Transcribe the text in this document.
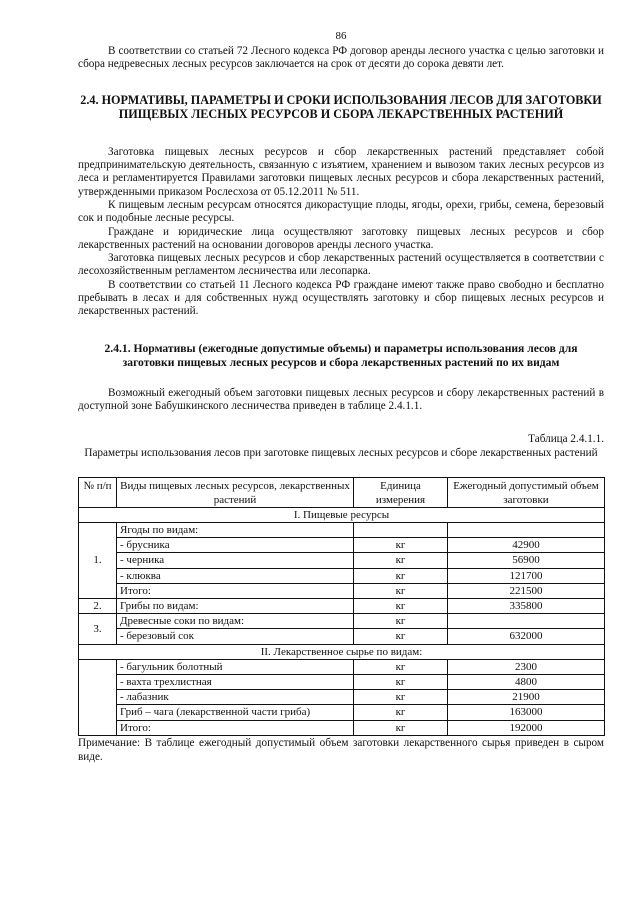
86

В соответствии со статьей 72 Лесного кодекса РФ договор аренды лесного участка с целью заготовки и сбора недревесных лесных ресурсов заключается на срок от десяти до сорока девяти лет.

2.4. НОРМАТИВЫ, ПАРАМЕТРЫ И СРОКИ ИСПОЛЬЗОВАНИЯ ЛЕСОВ ДЛЯ ЗАГОТОВКИ ПИЩЕВЫХ ЛЕСНЫХ РЕСУРСОВ И СБОРА ЛЕКАРСТВЕННЫХ РАСТЕНИЙ

Заготовка пищевых лесных ресурсов и сбор лекарственных растений представляет собой предпринимательскую деятельность, связанную с изъятием, хранением и вывозом таких лесных ресурсов из леса и регламентируется Правилами заготовки пищевых лесных ресурсов и сбора лекарственных растений, утвержденными приказом Рослесхоза от 05.12.2011 № 511.

К пищевым лесным ресурсам относятся дикорастущие плоды, ягоды, орехи, грибы, семена, березовый сок и подобные лесные ресурсы.

Граждане и юридические лица осуществляют заготовку пищевых лесных ресурсов и сбор лекарственных растений на основании договоров аренды лесного участка.

Заготовка пищевых лесных ресурсов и сбор лекарственных растений осуществляется в соответствии с лесохозяйственным регламентом лесничества или лесопарка.

В соответствии со статьей 11 Лесного кодекса РФ граждане имеют также право свободно и бесплатно пребывать в лесах и для собственных нужд осуществлять заготовку и сбор пищевых лесных ресурсов и лекарственных растений.

2.4.1. Нормативы (ежегодные допустимые объемы) и параметры использования лесов для заготовки пищевых лесных ресурсов и сбора лекарственных растений по их видам

Возможный ежегодный объем заготовки пищевых лесных ресурсов и сбору лекарственных растений в доступной зоне Бабушкинского лесничества приведен в таблице 2.4.1.1.

Таблица 2.4.1.1.
Параметры использования лесов при заготовке пищевых лесных ресурсов и сборе лекарственных растений
№ п/п	Виды пищевых лесных ресурсов, лекарственных растений	Единица измерения	Ежегодный допустимый объем заготовки
I. Пищевые ресурсы			
1.	Ягоды по видам:		
	- брусника	кг	42900
	- черника	кг	56900
	- клюква	кг	121700
	Итого:	кг	221500
2.	Грибы по видам:	кг	335800
3.	Древесные соки по видам:	кг	
	- березовый сок	кг	632000
II. Лекарственное сырье по видам:			
	- багульник болотный	кг	2300
	- вахта трехлистная	кг	4800
	- лабазник	кг	21900
	Гриб – чага (лекарственной части гриба)	кг	163000
	Итого:	кг	192000
Примечание: В таблице ежегодный допустимый объем заготовки лекарственного сырья приведен в сыром виде.
